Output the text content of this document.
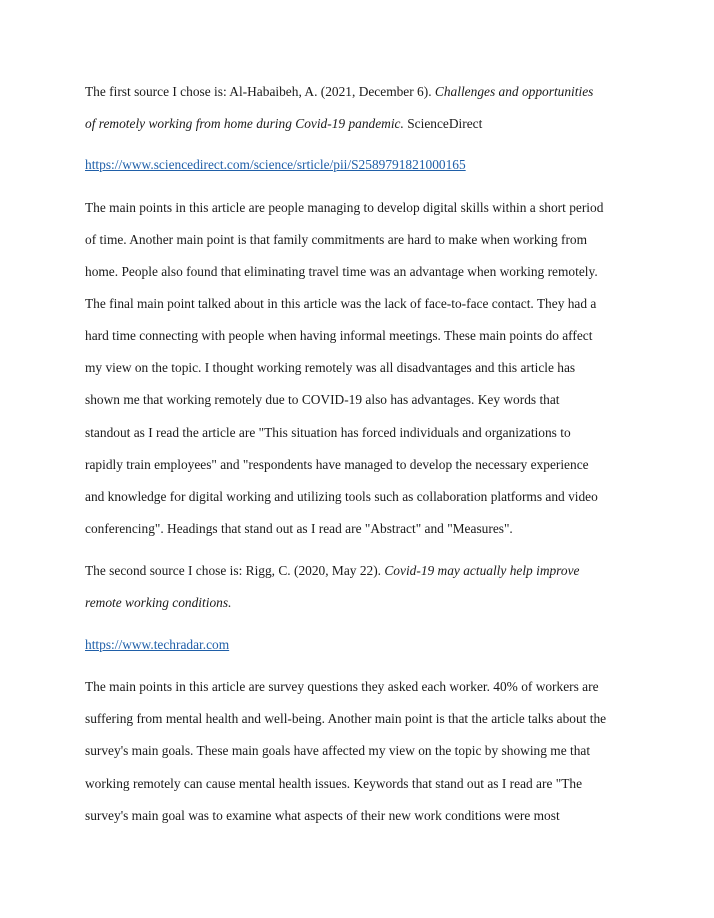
The first source I chose is: Al-Habaibeh, A. (2021, December 6). Challenges and opportunities

of remotely working from home during Covid-19 pandemic. ScienceDirect

https://www.sciencedirect.com/science/srticle/pii/S2589791821000165

The main points in this article are people managing to develop digital skills within a short period

of time. Another main point is that family commitments are hard to make when working from

home. People also found that eliminating travel time was an advantage when working remotely.

The final main point talked about in this article was the lack of face-to-face contact. They had a

hard time connecting with people when having informal meetings. These main points do affect

my view on the topic. I thought working remotely was all disadvantages and this article has

shown me that working remotely due to COVID-19 also has advantages. Key words that

standout as I read the article are "This situation has forced individuals and organizations to

rapidly train employees" and "respondents have managed to develop the necessary experience

and knowledge for digital working and utilizing tools such as collaboration platforms and video

conferencing". Headings that stand out as I read are "Abstract" and "Measures".

The second source I chose is: Rigg, C. (2020, May 22). Covid-19 may actually help improve

remote working conditions.

https://www.techradar.com

The main points in this article are survey questions they asked each worker. 40% of workers are

suffering from mental health and well-being. Another main point is that the article talks about the

survey's main goals. These main goals have affected my view on the topic by showing me that

working remotely can cause mental health issues. Keywords that stand out as I read are "The

survey's main goal was to examine what aspects of their new work conditions were most
